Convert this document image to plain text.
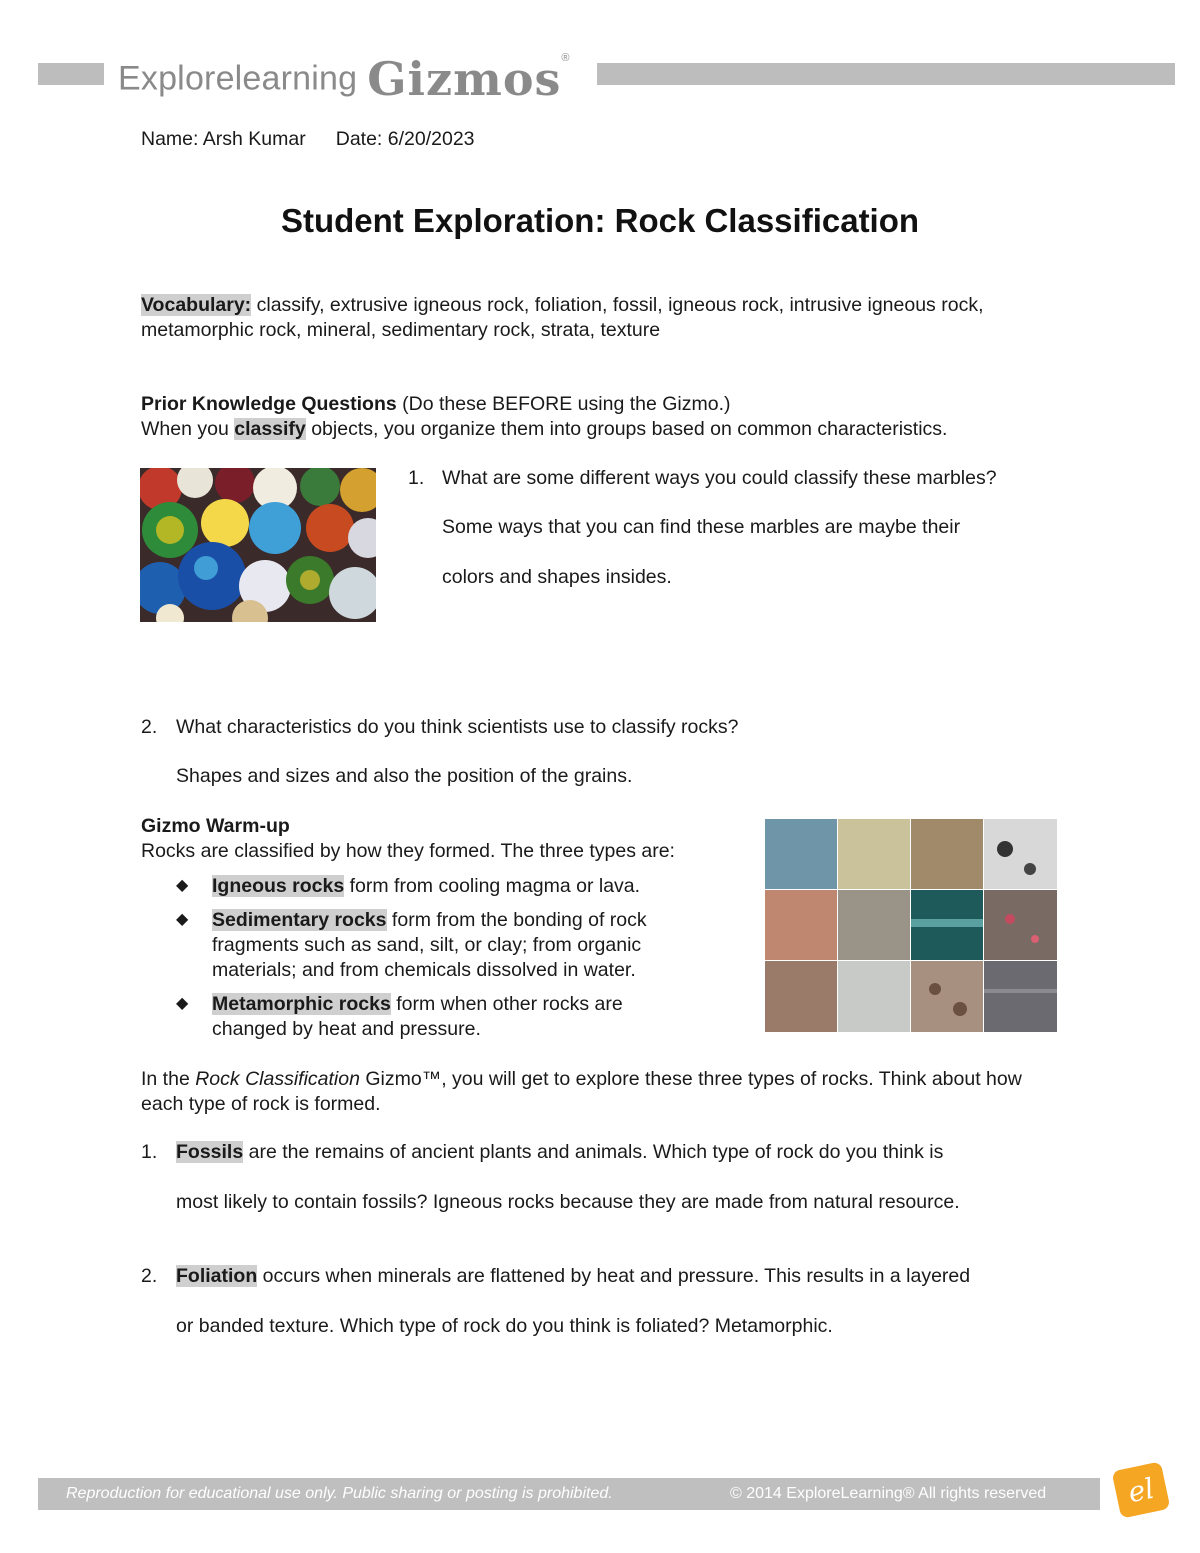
Explorelearning Gizmos®
Name: Arsh Kumar Date: 6/20/2023
Student Exploration: Rock Classification
Vocabulary: classify, extrusive igneous rock, foliation, fossil, igneous rock, intrusive igneous rock, metamorphic rock, mineral, sedimentary rock, strata, texture
Prior Knowledge Questions (Do these BEFORE using the Gizmo.)
When you classify objects, you organize them into groups based on common characteristics.
1. What are some different ways you could classify these marbles?
Some ways that you can find these marbles are maybe their
colors and shapes insides.
2. What characteristics do you think scientists use to classify rocks?
Shapes and sizes and also the position of the grains.
Gizmo Warm-up
Rocks are classified by how they formed. The three types are:
◆ Igneous rocks form from cooling magma or lava.
◆ Sedimentary rocks form from the bonding of rock fragments such as sand, silt, or clay; from organic materials; and from chemicals dissolved in water.
◆ Metamorphic rocks form when other rocks are changed by heat and pressure.
In the Rock Classification Gizmo™, you will get to explore these three types of rocks. Think about how each type of rock is formed.
1. Fossils are the remains of ancient plants and animals. Which type of rock do you think is
most likely to contain fossils? Igneous rocks because they are made from natural resource.
2. Foliation occurs when minerals are flattened by heat and pressure. This results in a layered
or banded texture. Which type of rock do you think is foliated? Metamorphic.
Reproduction for educational use only. Public sharing or posting is prohibited.	© 2014 ExploreLearning® All rights reserved	el
